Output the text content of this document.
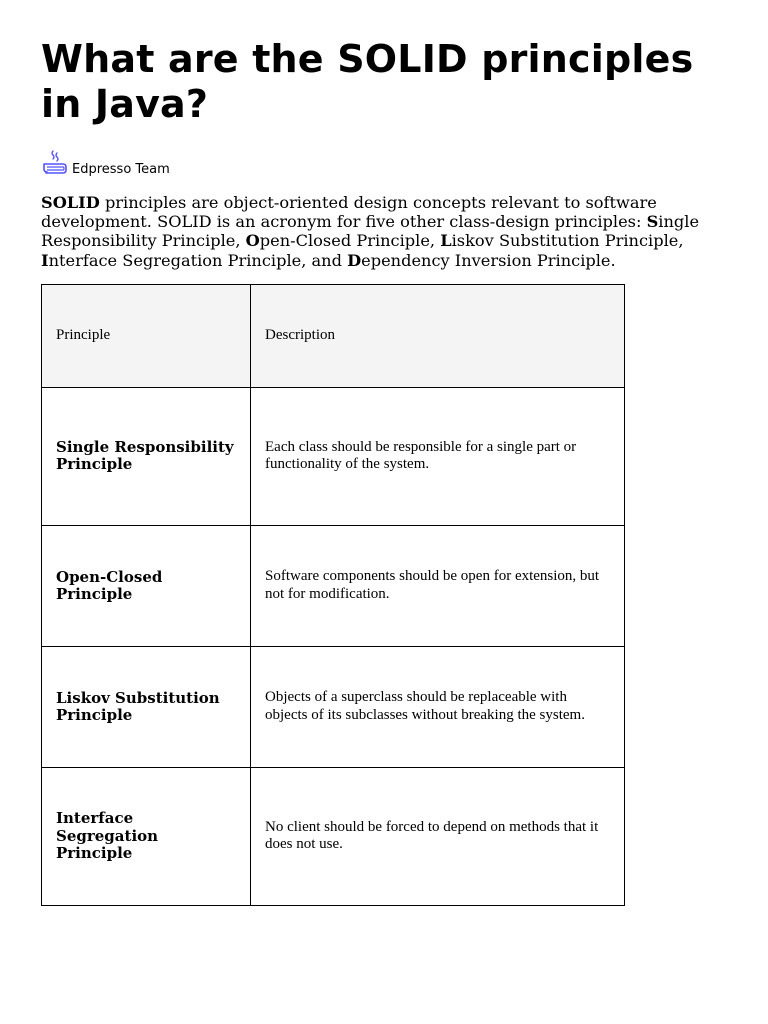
What are the SOLID principles in Java?
Edpresso Team

SOLID principles are object-oriented design concepts relevant to software development. SOLID is an acronym for five other class-design principles: Single Responsibility Principle, Open-Closed Principle, Liskov Substitution Principle, Interface Segregation Principle, and Dependency Inversion Principle.

Principle	Description
Single Responsibility Principle	Each class should be responsible for a single part or functionality of the system.
Open-Closed Principle	Software components should be open for extension, but not for modification.
Liskov Substitution Principle	Objects of a superclass should be replaceable with objects of its subclasses without breaking the system.
Interface Segregation Principle	No client should be forced to depend on methods that it does not use.
